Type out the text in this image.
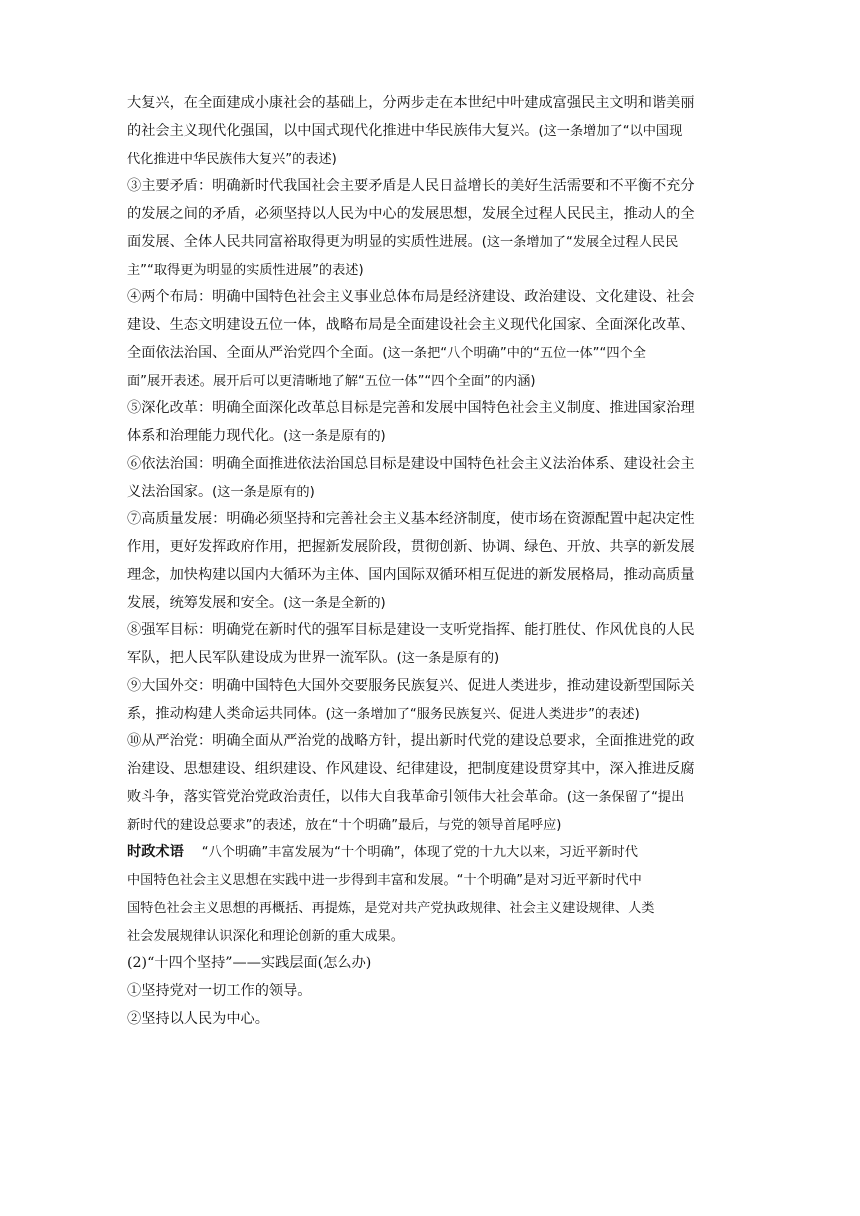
大复兴，在全面建成小康社会的基础上，分两步走在本世纪中叶建成富强民主文明和谐美丽
的社会主义现代化强国，以中国式现代化推进中华民族伟大复兴。(这一条增加了“以中国现
代化推进中华民族伟大复兴”的表述)
③主要矛盾：明确新时代我国社会主要矛盾是人民日益增长的美好生活需要和不平衡不充分
的发展之间的矛盾，必须坚持以人民为中心的发展思想，发展全过程人民民主，推动人的全
面发展、全体人民共同富裕取得更为明显的实质性进展。(这一条增加了“发展全过程人民民
主”“取得更为明显的实质性进展”的表述)
④两个布局：明确中国特色社会主义事业总体布局是经济建设、政治建设、文化建设、社会
建设、生态文明建设五位一体，战略布局是全面建设社会主义现代化国家、全面深化改革、
全面依法治国、全面从严治党四个全面。(这一条把“八个明确”中的“五位一体”“四个全
面”展开表述。展开后可以更清晰地了解“五位一体”“四个全面”的内涵)
⑤深化改革：明确全面深化改革总目标是完善和发展中国特色社会主义制度、推进国家治理
体系和治理能力现代化。(这一条是原有的)
⑥依法治国：明确全面推进依法治国总目标是建设中国特色社会主义法治体系、建设社会主
义法治国家。(这一条是原有的)
⑦高质量发展：明确必须坚持和完善社会主义基本经济制度，使市场在资源配置中起决定性
作用，更好发挥政府作用，把握新发展阶段，贯彻创新、协调、绿色、开放、共享的新发展
理念，加快构建以国内大循环为主体、国内国际双循环相互促进的新发展格局，推动高质量
发展，统筹发展和安全。(这一条是全新的)
⑧强军目标：明确党在新时代的强军目标是建设一支听党指挥、能打胜仗、作风优良的人民
军队，把人民军队建设成为世界一流军队。(这一条是原有的)
⑨大国外交：明确中国特色大国外交要服务民族复兴、促进人类进步，推动建设新型国际关
系，推动构建人类命运共同体。(这一条增加了“服务民族复兴、促进人类进步”的表述)
⑩从严治党：明确全面从严治党的战略方针，提出新时代党的建设总要求，全面推进党的政
治建设、思想建设、组织建设、作风建设、纪律建设，把制度建设贯穿其中，深入推进反腐
败斗争，落实管党治党政治责任，以伟大自我革命引领伟大社会革命。(这一条保留了“提出
新时代的建设总要求”的表述，放在“十个明确”最后，与党的领导首尾呼应)
时政术语 “八个明确”丰富发展为“十个明确”，体现了党的十九大以来，习近平新时代
中国特色社会主义思想在实践中进一步得到丰富和发展。“十个明确”是对习近平新时代中
国特色社会主义思想的再概括、再提炼，是党对共产党执政规律、社会主义建设规律、人类
社会发展规律认识深化和理论创新的重大成果。
(2)“十四个坚持”——实践层面(怎么办)
①坚持党对一切工作的领导。
②坚持以人民为中心。
